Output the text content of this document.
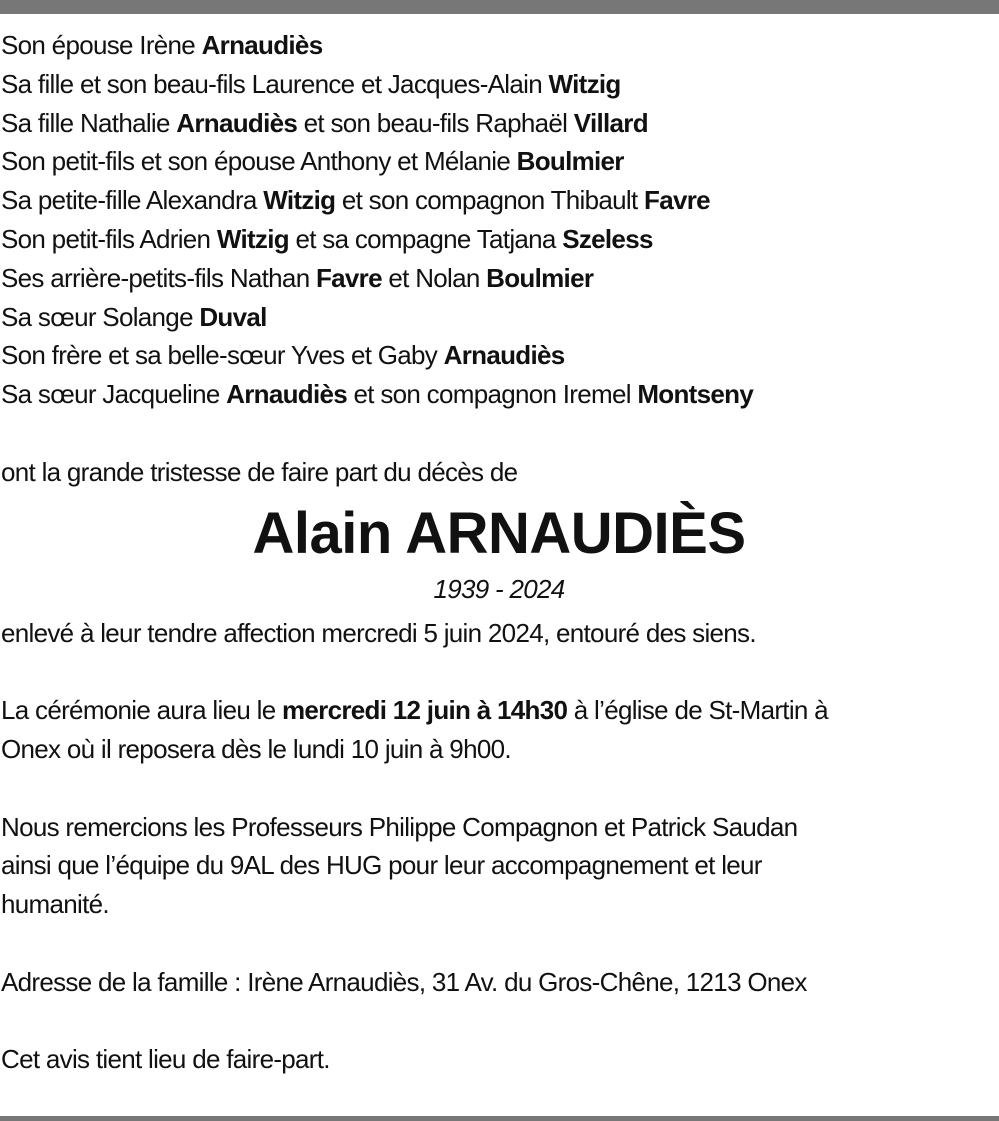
Son épouse Irène Arnaudiès
Sa fille et son beau-fils Laurence et Jacques-Alain Witzig
Sa fille Nathalie Arnaudiès et son beau-fils Raphaël Villard
Son petit-fils et son épouse Anthony et Mélanie Boulmier
Sa petite-fille Alexandra Witzig et son compagnon Thibault Favre
Son petit-fils Adrien Witzig et sa compagne Tatjana Szeless
Ses arrière-petits-fils Nathan Favre et Nolan Boulmier
Sa sœur Solange Duval
Son frère et sa belle-sœur Yves et Gaby Arnaudiès
Sa sœur Jacqueline Arnaudiès et son compagnon Iremel Montseny
ont la grande tristesse de faire part du décès de
Alain ARNAUDIÈS
1939 - 2024
enlevé à leur tendre affection mercredi 5 juin 2024, entouré des siens.
La cérémonie aura lieu le mercredi 12 juin à 14h30 à l’église de St-Martin à
Onex où il reposera dès le lundi 10 juin à 9h00.
Nous remercions les Professeurs Philippe Compagnon et Patrick Saudan
ainsi que l’équipe du 9AL des HUG pour leur accompagnement et leur
humanité.
Adresse de la famille : Irène Arnaudiès, 31 Av. du Gros-Chêne, 1213 Onex
Cet avis tient lieu de faire-part.
